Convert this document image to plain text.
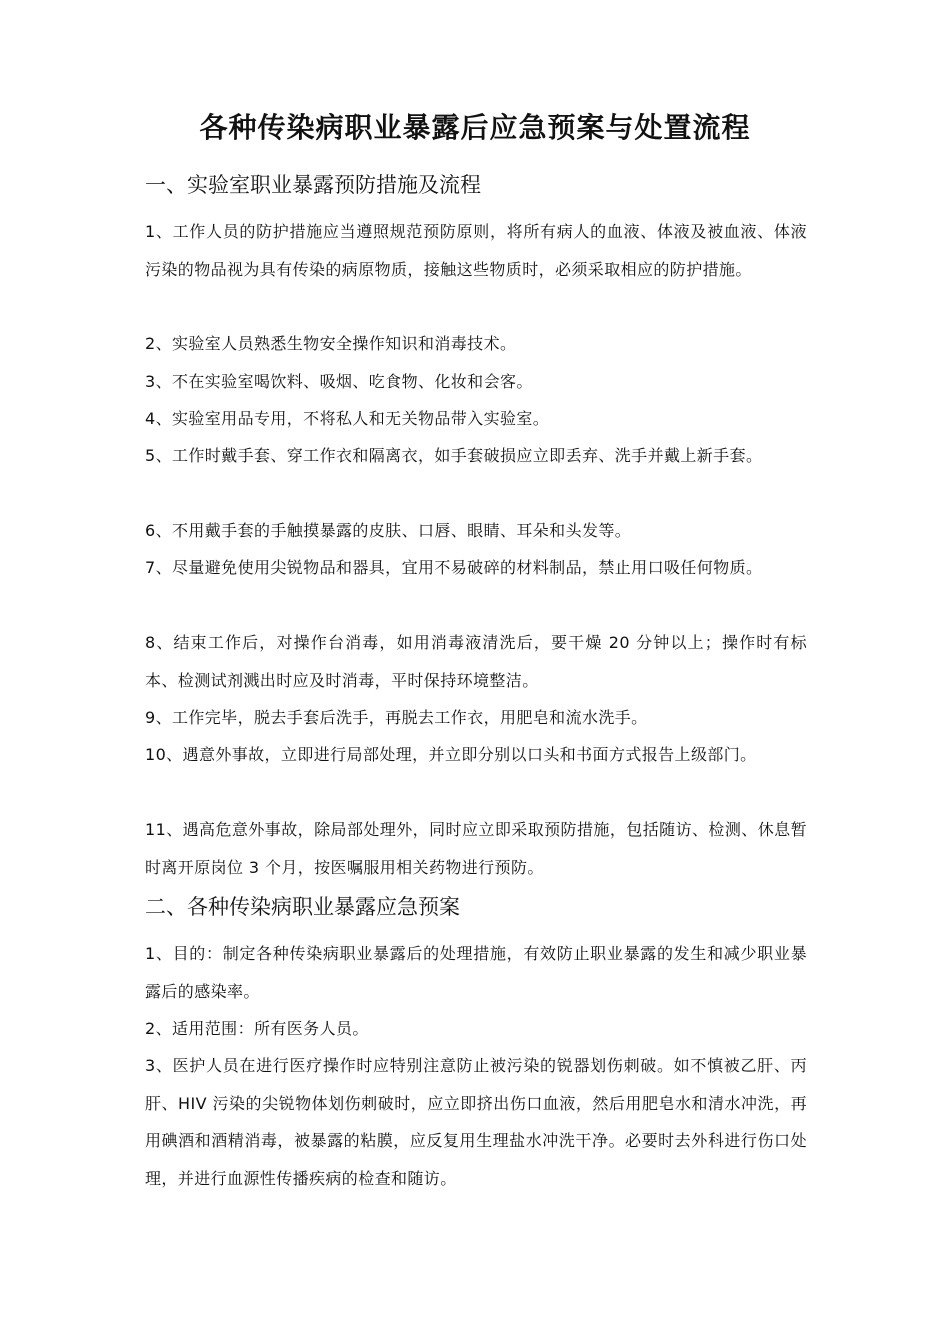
各种传染病职业暴露后应急预案与处置流程
一、实验室职业暴露预防措施及流程
1、工作人员的防护措施应当遵照规范预防原则，将所有病人的血液、体液及被血液、体液污染的物品视为具有传染的病原物质，接触这些物质时，必须采取相应的防护措施。
2、实验室人员熟悉生物安全操作知识和消毒技术。
3、不在实验室喝饮料、吸烟、吃食物、化妆和会客。
4、实验室用品专用，不将私人和无关物品带入实验室。
5、工作时戴手套、穿工作衣和隔离衣，如手套破损应立即丢弃、洗手并戴上新手套。
6、不用戴手套的手触摸暴露的皮肤、口唇、眼睛、耳朵和头发等。
7、尽量避免使用尖锐物品和器具，宜用不易破碎的材料制品，禁止用口吸任何物质。
8、结束工作后，对操作台消毒，如用消毒液清洗后，要干燥 20 分钟以上；操作时有标本、检测试剂溅出时应及时消毒，平时保持环境整洁。
9、工作完毕，脱去手套后洗手，再脱去工作衣，用肥皂和流水洗手。
10、遇意外事故，立即进行局部处理，并立即分别以口头和书面方式报告上级部门。
11、遇高危意外事故，除局部处理外，同时应立即采取预防措施，包括随访、检测、休息暂时离开原岗位 3 个月，按医嘱服用相关药物进行预防。
二、各种传染病职业暴露应急预案
1、目的：制定各种传染病职业暴露后的处理措施，有效防止职业暴露的发生和减少职业暴露后的感染率。
2、适用范围：所有医务人员。
3、医护人员在进行医疗操作时应特别注意防止被污染的锐器划伤刺破。如不慎被乙肝、丙肝、HIV 污染的尖锐物体划伤刺破时，应立即挤出伤口血液，然后用肥皂水和清水冲洗，再用碘酒和酒精消毒，被暴露的粘膜，应反复用生理盐水冲洗干净。必要时去外科进行伤口处理，并进行血源性传播疾病的检查和随访。
